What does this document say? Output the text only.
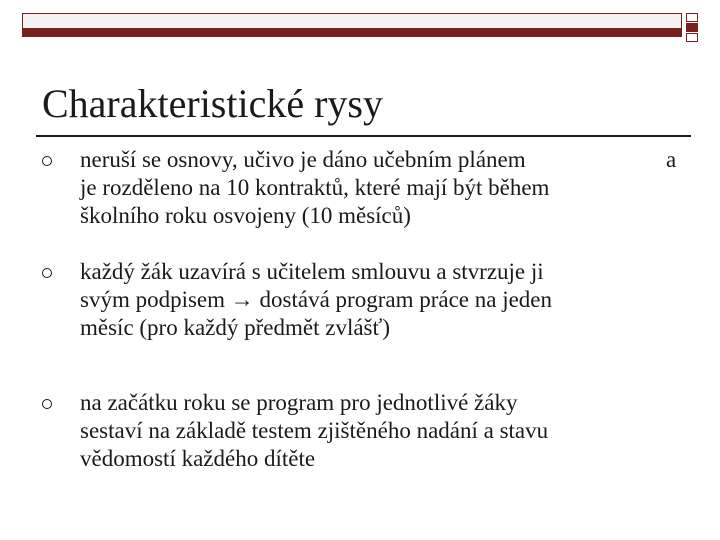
Charakteristické rysy
neruší se osnovy, učivo je dáno učebním plánem
je rozděleno na 10 kontraktů, které mají být během
školního roku osvojeny (10 měsíců)
a
každý žák uzavírá s učitelem smlouvu a stvrzuje ji
svým podpisem → dostává program práce na jeden
měsíc (pro každý předmět zvlášť)
na začátku roku se program pro jednotlivé žáky
sestaví na základě testem zjištěného nadání a stavu
vědomostí každého dítěte
